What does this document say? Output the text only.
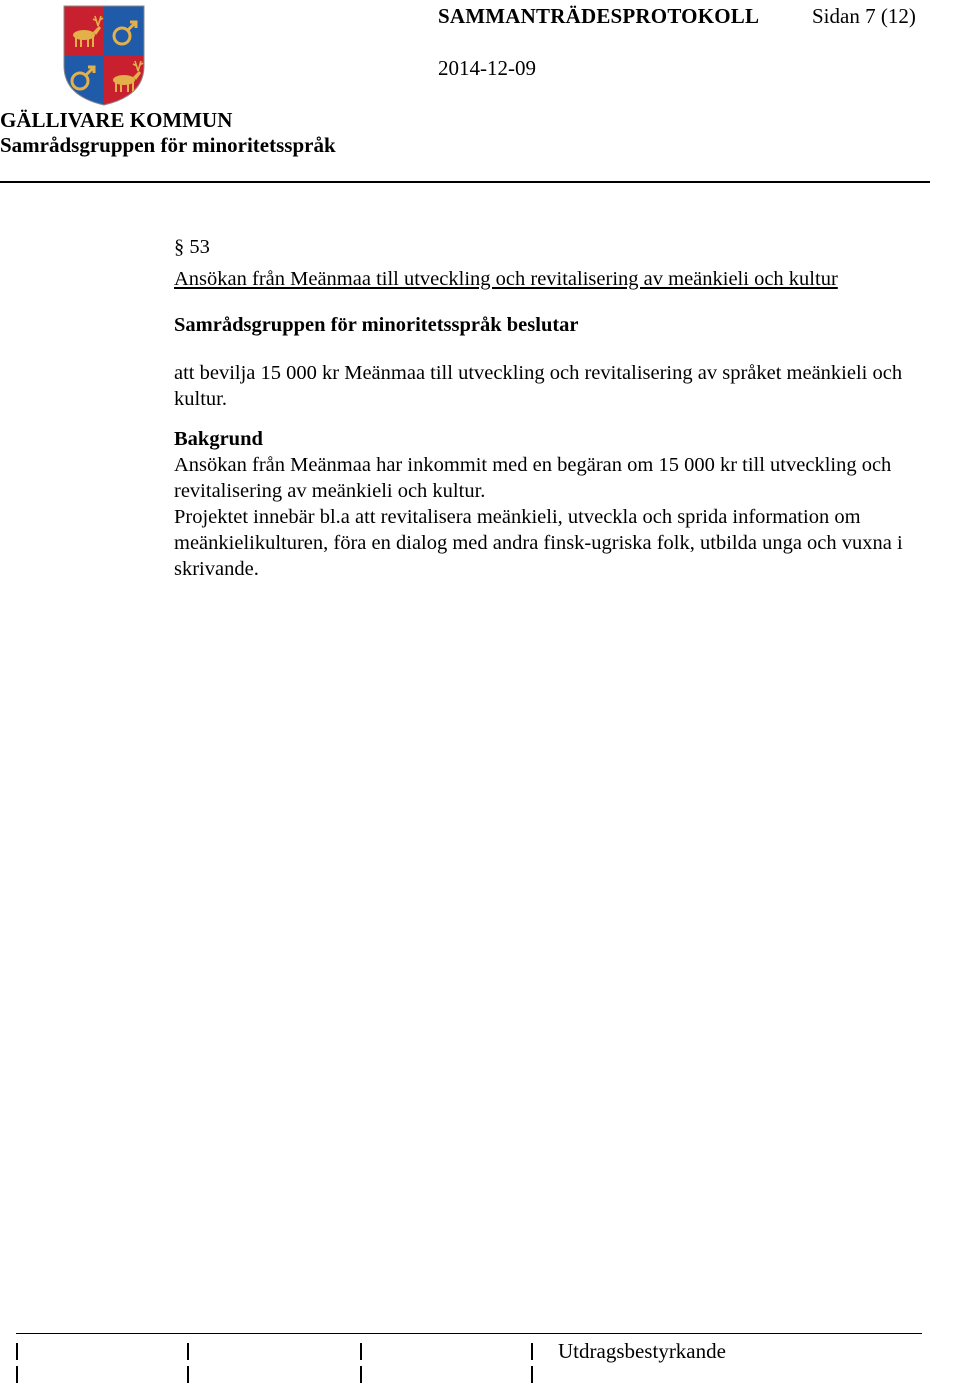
SAMMANTRÄDESPROTOKOLL	Sidan 7 (12)
2014-12-09
GÄLLIVARE KOMMUN
Samrådsgruppen för minoritetsspråk

§ 53

Ansökan från Meänmaa till utveckling och revitalisering av meänkieli och kultur

Samrådsgruppen för minoritetsspråk beslutar

att bevilja 15 000 kr Meänmaa till utveckling och revitalisering av språket meänkieli och kultur.

Bakgrund

Ansökan från Meänmaa har inkommit med en begäran om 15 000 kr till utveckling och revitalisering av meänkieli och kultur.

Projektet innebär bl.a att revitalisera meänkieli, utveckla och sprida information om meänkielikulturen, föra en dialog med andra finsk-ugriska folk, utbilda unga och vuxna i skrivande.

Utdragsbestyrkande
